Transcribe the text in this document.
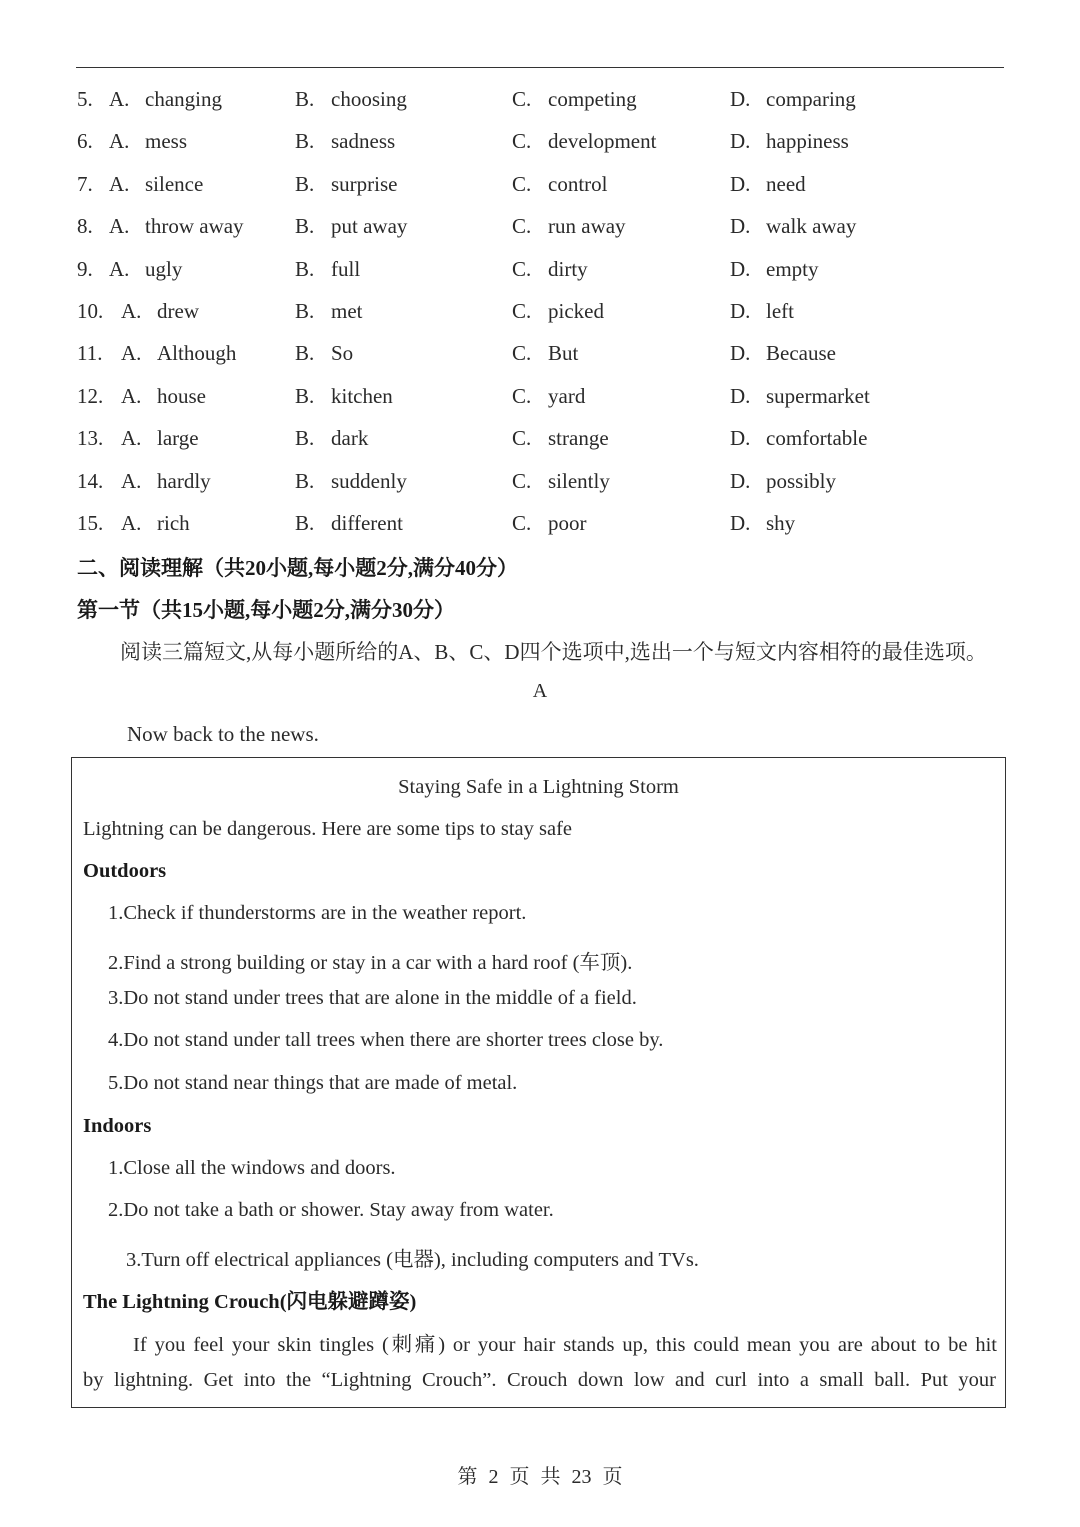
5. A. changing	B. choosing	C. competing	D. comparing
6. A. mess	B. sadness	C. development	D. happiness
7. A. silence	B. surprise	C. control	D. need
8. A. throw away B. put away	C. run away	D. walk away
9. A. ugly	B. full	C. dirty	D. empty
10. A. drew	B. met	C. picked	D. left
11. A. Although	B. So	C. But	D. Because
12. A. house	B. kitchen	C. yard	D. supermarket
13. A. large	B. dark	C. strange	D. comfortable
14. A. hardly	B. suddenly	C. silently	D. possibly
15. A. rich	B. different	C. poor	D. shy
二、阅读理解（共20小题,每小题2分,满分40分）
第一节（共15小题,每小题2分,满分30分）
阅读三篇短文,从每小题所给的A、B、C、D四个选项中,选出一个与短文内容相符的最佳选项。
A
Now back to the news.
Staying Safe in a Lightning Storm
Lightning can be dangerous. Here are some tips to stay safe
Outdoors
1.Check if thunderstorms are in the weather report.
2.Find a strong building or stay in a car with a hard roof (车顶).
3.Do not stand under trees that are alone in the middle of a field.
4.Do not stand under tall trees when there are shorter trees close by.
5.Do not stand near things that are made of metal.
Indoors
1.Close all the windows and doors.
2.Do not take a bath or shower. Stay away from water.
3.Turn off electrical appliances (电器), including computers and TVs.
The Lightning Crouch(闪电躲避蹲姿)
If you feel your skin tingles (刺痛) or your hair stands up, this could mean you are about to be hit
by lightning. Get into the “Lightning Crouch”. Crouch down low and curl into a small ball. Put your
第 2 页 共 23 页
